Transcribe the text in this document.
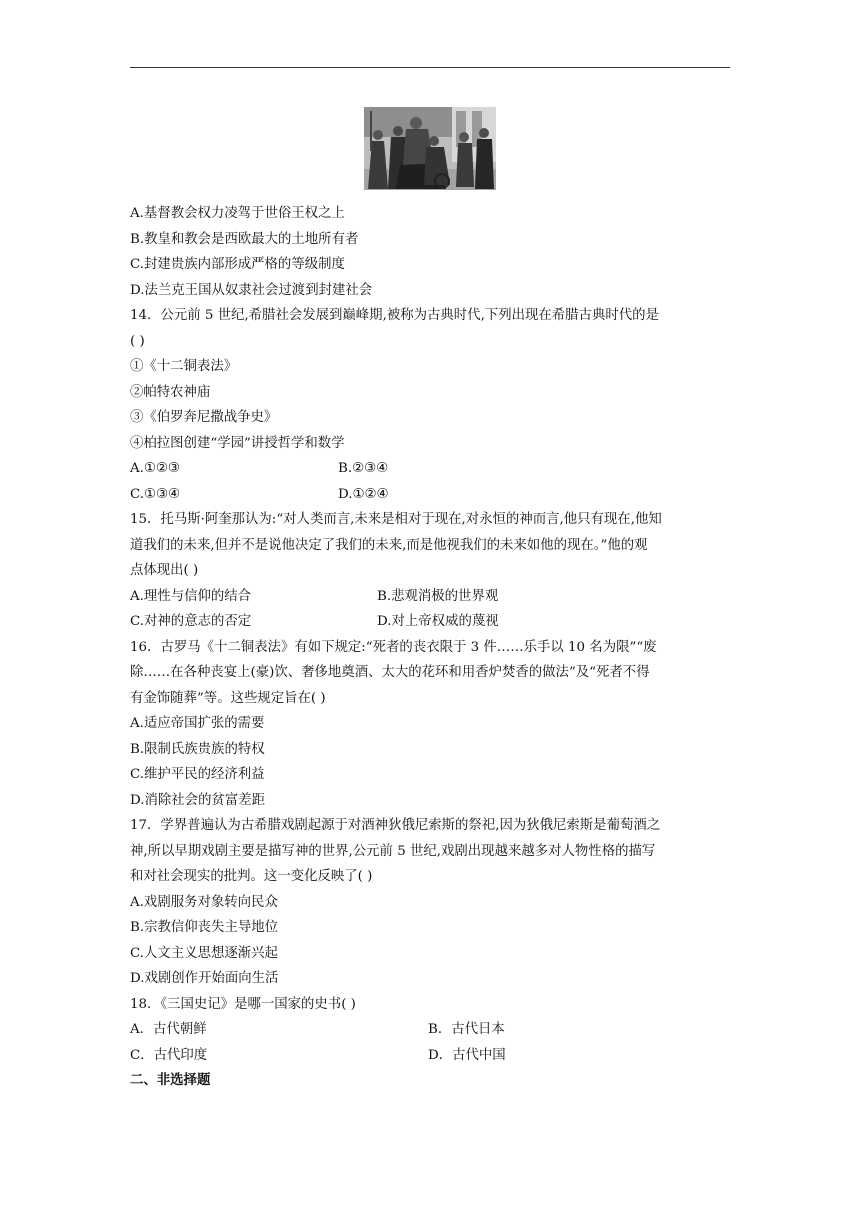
A.基督教会权力凌驾于世俗王权之上
B.教皇和教会是西欧最大的土地所有者
C.封建贵族内部形成严格的等级制度
D.法兰克王国从奴隶社会过渡到封建社会
14．公元前 5 世纪,希腊社会发展到巅峰期,被称为古典时代,下列出现在希腊古典时代的是
( )
①《十二铜表法》
②帕特农神庙
③《伯罗奔尼撒战争史》
④柏拉图创建“学园”讲授哲学和数学
A.①②③	B.②③④
C.①③④	D.①②④
15．托马斯·阿奎那认为:“对人类而言,未来是相对于现在,对永恒的神而言,他只有现在,他知
道我们的未来,但并不是说他决定了我们的未来,而是他视我们的未来如他的现在。”他的观
点体现出( )
A.理性与信仰的结合	B.悲观消极的世界观
C.对神的意志的否定	D.对上帝权威的蔑视
16．古罗马《十二铜表法》有如下规定:“死者的丧衣限于 3 件……乐手以 10 名为限”“废
除……在各种丧宴上(豪)饮、奢侈地奠酒、太大的花环和用香炉焚香的做法”及“死者不得
有金饰随葬”等。这些规定旨在( )
A.适应帝国扩张的需要
B.限制氏族贵族的特权
C.维护平民的经济利益
D.消除社会的贫富差距
17．学界普遍认为古希腊戏剧起源于对酒神狄俄尼索斯的祭祀,因为狄俄尼索斯是葡萄酒之
神,所以早期戏剧主要是描写神的世界,公元前 5 世纪,戏剧出现越来越多对人物性格的描写
和对社会现实的批判。这一变化反映了( )
A.戏剧服务对象转向民众
B.宗教信仰丧失主导地位
C.人文主义思想逐渐兴起
D.戏剧创作开始面向生活
18．《三国史记》是哪一国家的史书( )
A．古代朝鲜	B．古代日本
C．古代印度	D．古代中国
二、非选择题
